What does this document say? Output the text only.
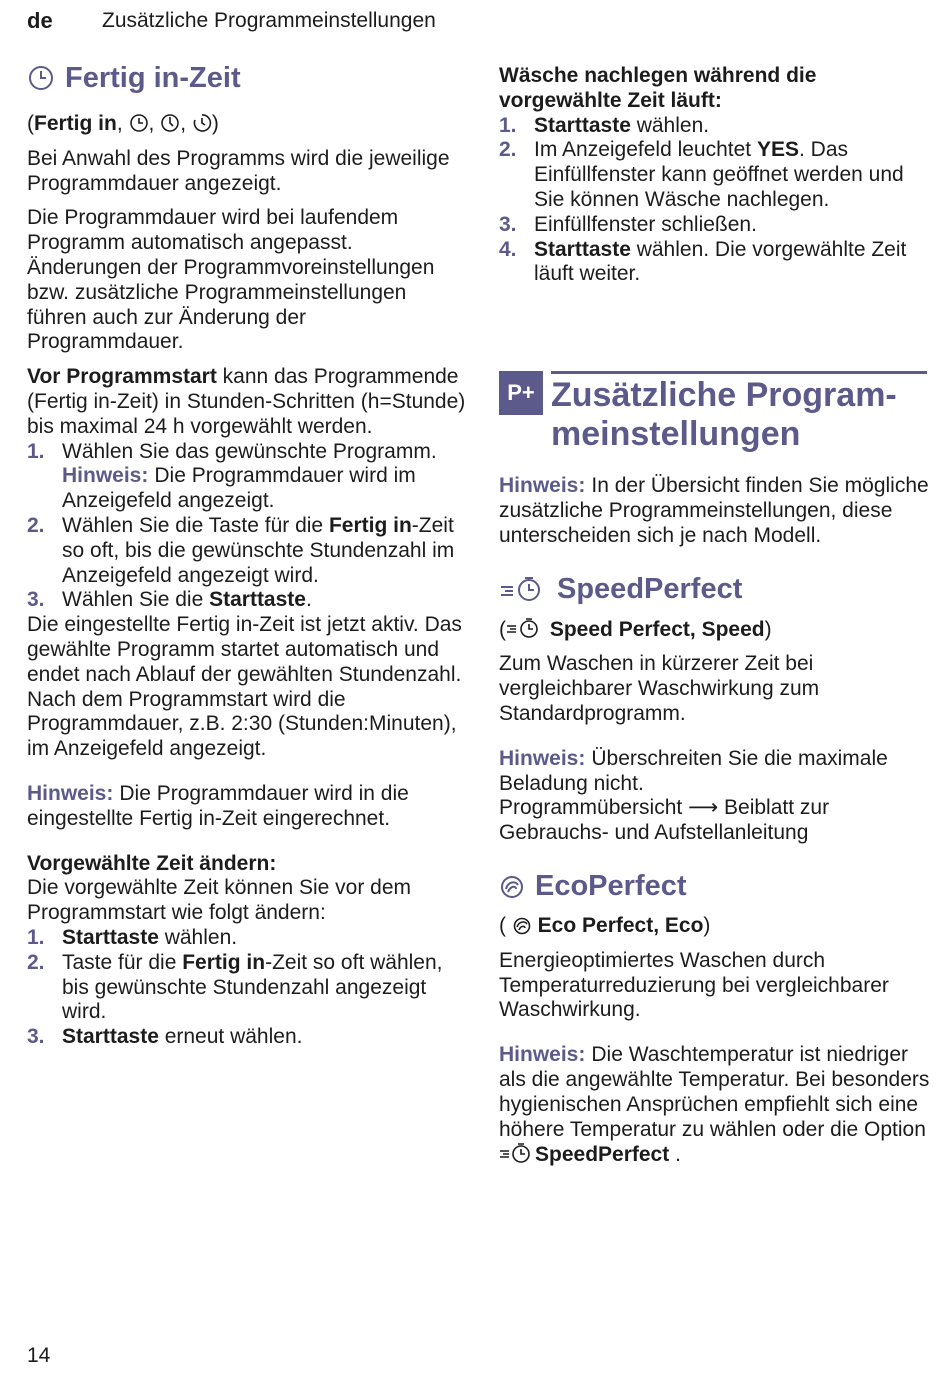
de Zusätzliche Programmeinstellungen
Fertig in-Zeit

(Fertig in, , , )

Bei Anwahl des Programms wird die jeweilige Programmdauer angezeigt.

Die Programmdauer wird bei laufendem Programm automatisch angepasst. Änderungen der Programmvoreinstellungen bzw. zusätzliche Programmeinstellungen führen auch zur Änderung der Programmdauer.

Vor Programmstart kann das Programmende (Fertig in-Zeit) in Stunden-Schritten (h=Stunde) bis maximal 24 h vorgewählt werden.

1. Wählen Sie das gewünschte Programm.
Hinweis: Die Programmdauer wird im Anzeigefeld angezeigt.
2. Wählen Sie die Taste für die Fertig in-Zeit so oft, bis die gewünschte Stundenzahl im Anzeigefeld angezeigt wird.
3. Wählen Sie die Starttaste.

Die eingestellte Fertig in-Zeit ist jetzt aktiv. Das gewählte Programm startet automatisch und endet nach Ablauf der gewählten Stundenzahl.

Nach dem Programmstart wird die Programmdauer, z.B. 2:30 (Stunden:Minuten), im Anzeigefeld angezeigt.

Hinweis: Die Programmdauer wird in die eingestellte Fertig in-Zeit eingerechnet.

Vorgewählte Zeit ändern:

Die vorgewählte Zeit können Sie vor dem Programmstart wie folgt ändern:

1. Starttaste wählen.
2. Taste für die Fertig in-Zeit so oft wählen, bis gewünschte Stundenzahl angezeigt wird.
3. Starttaste erneut wählen.

Wäsche nachlegen während die vorgewählte Zeit läuft:

1. Starttaste wählen.
2. Im Anzeigefeld leuchtet YES. Das Einfüllfenster kann geöffnet werden und Sie können Wäsche nachlegen.
3. Einfüllfenster schließen.
4. Starttaste wählen. Die vorgewählte Zeit läuft weiter.
P+ Zusätzliche Program-
meinstellungen

Hinweis: In der Übersicht finden Sie mögliche zusätzliche Programmeinstellungen, diese unterscheiden sich je nach Modell.

SpeedPerfect

( Speed Perfect, Speed)

Zum Waschen in kürzerer Zeit bei vergleichbarer Waschwirkung zum Standardprogramm.

Hinweis: Überschreiten Sie die maximale Beladung nicht.
Programmübersicht ⟶ Beiblatt zur Gebrauchs- und Aufstellanleitung

EcoPerfect

(  Eco Perfect, Eco)

Energieoptimiertes Waschen durch Temperaturreduzierung bei vergleichbarer Waschwirkung.

Hinweis: Die Waschtemperatur ist niedriger als die angewählte Temperatur. Bei besonders hygienischen Ansprüchen empfiehlt sich eine höhere Temperatur zu wählen oder die Option
SpeedPerfect .

14
